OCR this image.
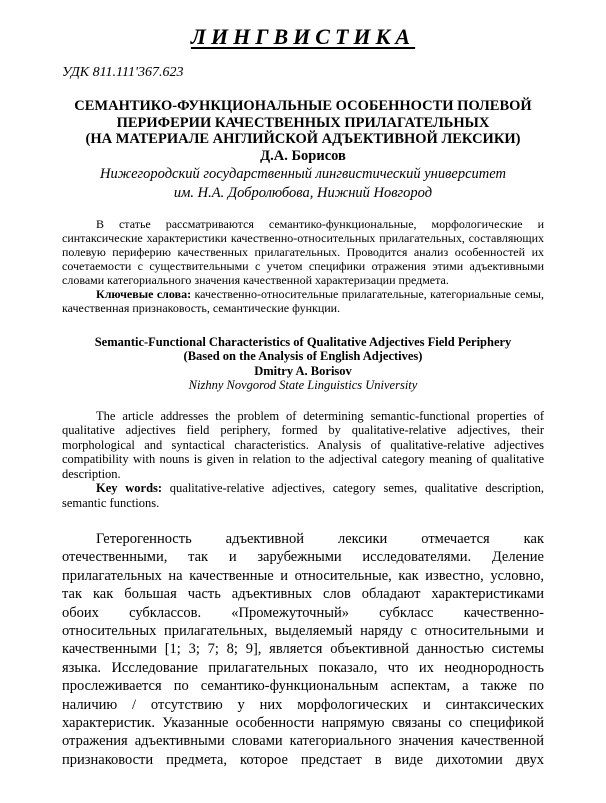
ЛИНГВИСТИКА
УДК 811.111'367.623
СЕМАНТИКО-ФУНКЦИОНАЛЬНЫЕ ОСОБЕННОСТИ ПОЛЕВОЙ
ПЕРИФЕРИИ КАЧЕСТВЕННЫХ ПРИЛАГАТЕЛЬНЫХ
(НА МАТЕРИАЛЕ АНГЛИЙСКОЙ АДЪЕКТИВНОЙ ЛЕКСИКИ)
Д.А. Борисов
Нижегородский государственный лингвистический университет
им. Н.А. Добролюбова, Нижний Новгород
В статье рассматриваются семантико-функциональные, морфологические и синтаксические характеристики качественно-относительных прилагательных, составляющих полевую периферию качественных прилагательных. Проводится анализ особенностей их сочетаемости с существительными с учетом специфики отражения этими адъективными словами категориального значения качественной характеризации предмета.
Ключевые слова: качественно-относительные прилагательные, категориальные семы, качественная признаковость, семантические функции.
Semantic-Functional Characteristics of Qualitative Adjectives Field Periphery
(Based on the Analysis of English Adjectives)
Dmitry A. Borisov
Nizhny Novgorod State Linguistics University
The article addresses the problem of determining semantic-functional properties of qualitative adjectives field periphery, formed by qualitative-relative adjectives, their morphological and syntactical characteristics. Analysis of qualitative-relative adjectives compatibility with nouns is given in relation to the adjectival category meaning of qualitative description.
Key words: qualitative-relative adjectives, category semes, qualitative description, semantic functions.
Гетерогенность адъективной лексики отмечается как
отечественными, так и зарубежными исследователями. Деление
прилагательных на качественные и относительные, как известно, условно,
так как большая часть адъективных слов обладают характеристиками
обоих субклассов. «Промежуточный» субкласс качественно-
относительных прилагательных, выделяемый наряду с относительными и
качественными [1; 3; 7; 8; 9], является объективной данностью системы
языка. Исследование прилагательных показало, что их неоднородность
прослеживается по семантико-функциональным аспектам, а также по
наличию / отсутствию у них морфологических и синтаксических
характеристик. Указанные особенности напрямую связаны со спецификой
отражения адъективными словами категориального значения качественной
признаковости предмета, которое предстает в виде дихотомии двух
